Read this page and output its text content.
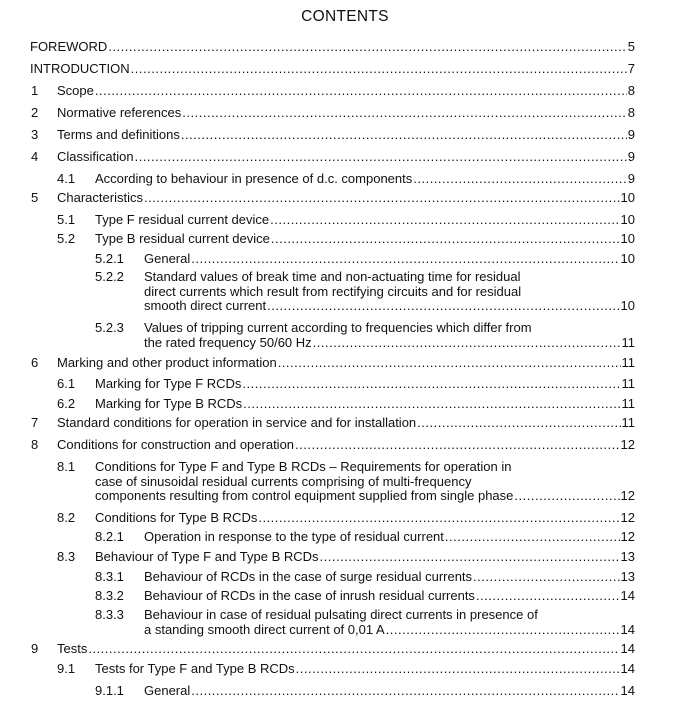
CONTENTS
FOREWORD .....	5
INTRODUCTION .....	7
1 Scope .....	8
2 Normative references .....	8
3 Terms and definitions .....	9
4 Classification .....	9
4.1 According to behaviour in presence of d.c. components .....	9
5 Characteristics .....	10
5.1 Type F residual current device .....	10
5.2 Type B residual current device .....	10
5.2.1 General .....	10
5.2.2 Standard values of break time and non-actuating time for residual
direct currents which result from rectifying circuits and for residual
smooth direct current .....	10
5.2.3 Values of tripping current according to frequencies which differ from
the rated frequency 50/60 Hz .....	11
6 Marking and other product information .....	11
6.1 Marking for Type F RCDs .....	11
6.2 Marking for Type B RCDs .....	11
7 Standard conditions for operation in service and for installation .....	11
8 Conditions for construction and operation .....	12
8.1 Conditions for Type F and Type B RCDs – Requirements for operation in
case of sinusoidal residual currents comprising of multi-frequency
components resulting from control equipment supplied from single phase .....	12
8.2 Conditions for Type B RCDs .....	12
8.2.1 Operation in response to the type of residual current .....	12
8.3 Behaviour of Type F and Type B RCDs .....	13
8.3.1 Behaviour of RCDs in the case of surge residual currents .....	13
8.3.2 Behaviour of RCDs in the case of inrush residual currents .....	14
8.3.3 Behaviour in case of residual pulsating direct currents in presence of
a standing smooth direct current of 0,01 A .....	14
9 Tests .....	14
9.1 Tests for Type F and Type B RCDs .....	14
9.1.1 General .....	14
